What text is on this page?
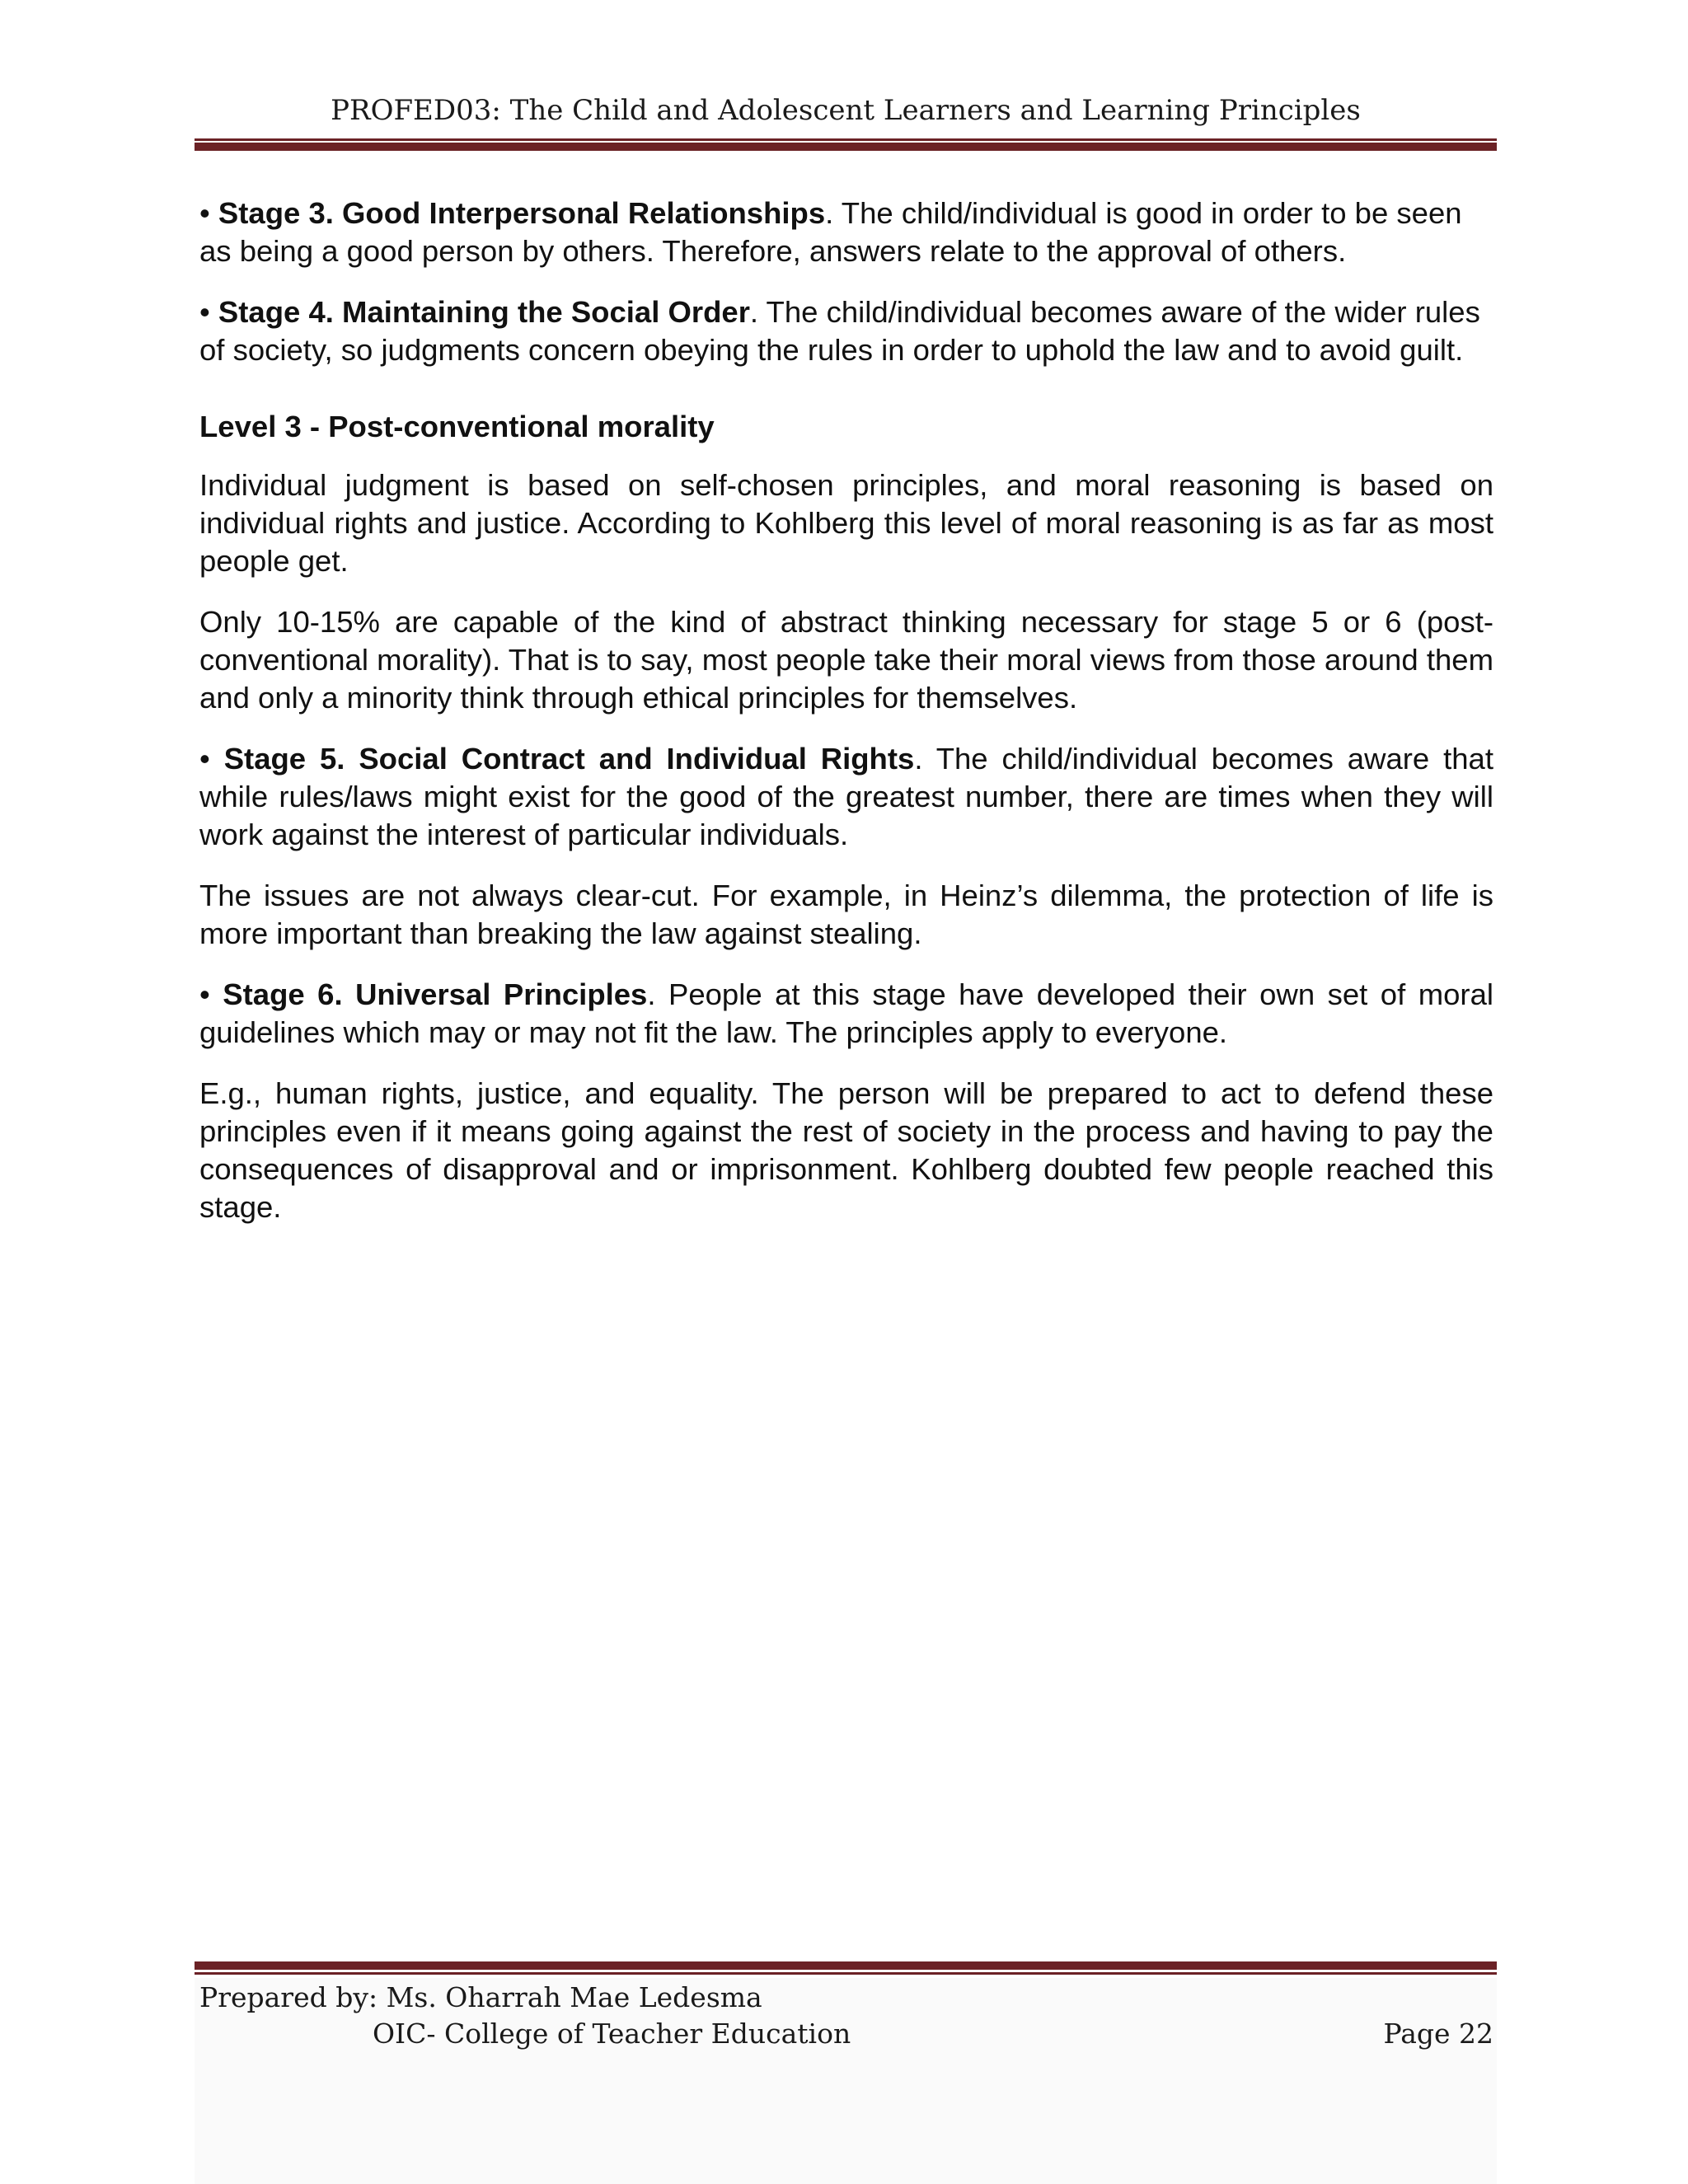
PROFED03: The Child and Adolescent Learners and Learning Principles

• Stage 3. Good Interpersonal Relationships. The child/individual is good in order to be seen as being a good person by others. Therefore, answers relate to the approval of others.

• Stage 4. Maintaining the Social Order. The child/individual becomes aware of the wider rules of society, so judgments concern obeying the rules in order to uphold the law and to avoid guilt.

Level 3 - Post-conventional morality

Individual judgment is based on self-chosen principles, and moral reasoning is based on individual rights and justice. According to Kohlberg this level of moral reasoning is as far as most people get.

Only 10-15% are capable of the kind of abstract thinking necessary for stage 5 or 6 (post-conventional morality). That is to say, most people take their moral views from those around them and only a minority think through ethical principles for themselves.

• Stage 5. Social Contract and Individual Rights. The child/individual becomes aware that while rules/laws might exist for the good of the greatest number, there are times when they will work against the interest of particular individuals.

The issues are not always clear-cut. For example, in Heinz’s dilemma, the protection of life is more important than breaking the law against stealing.

• Stage 6. Universal Principles. People at this stage have developed their own set of moral guidelines which may or may not fit the law. The principles apply to everyone.

E.g., human rights, justice, and equality. The person will be prepared to act to defend these principles even if it means going against the rest of society in the process and having to pay the consequences of disapproval and or imprisonment. Kohlberg doubted few people reached this stage.

Prepared by: Ms. Oharrah Mae Ledesma
OIC- College of Teacher Education	Page 22
